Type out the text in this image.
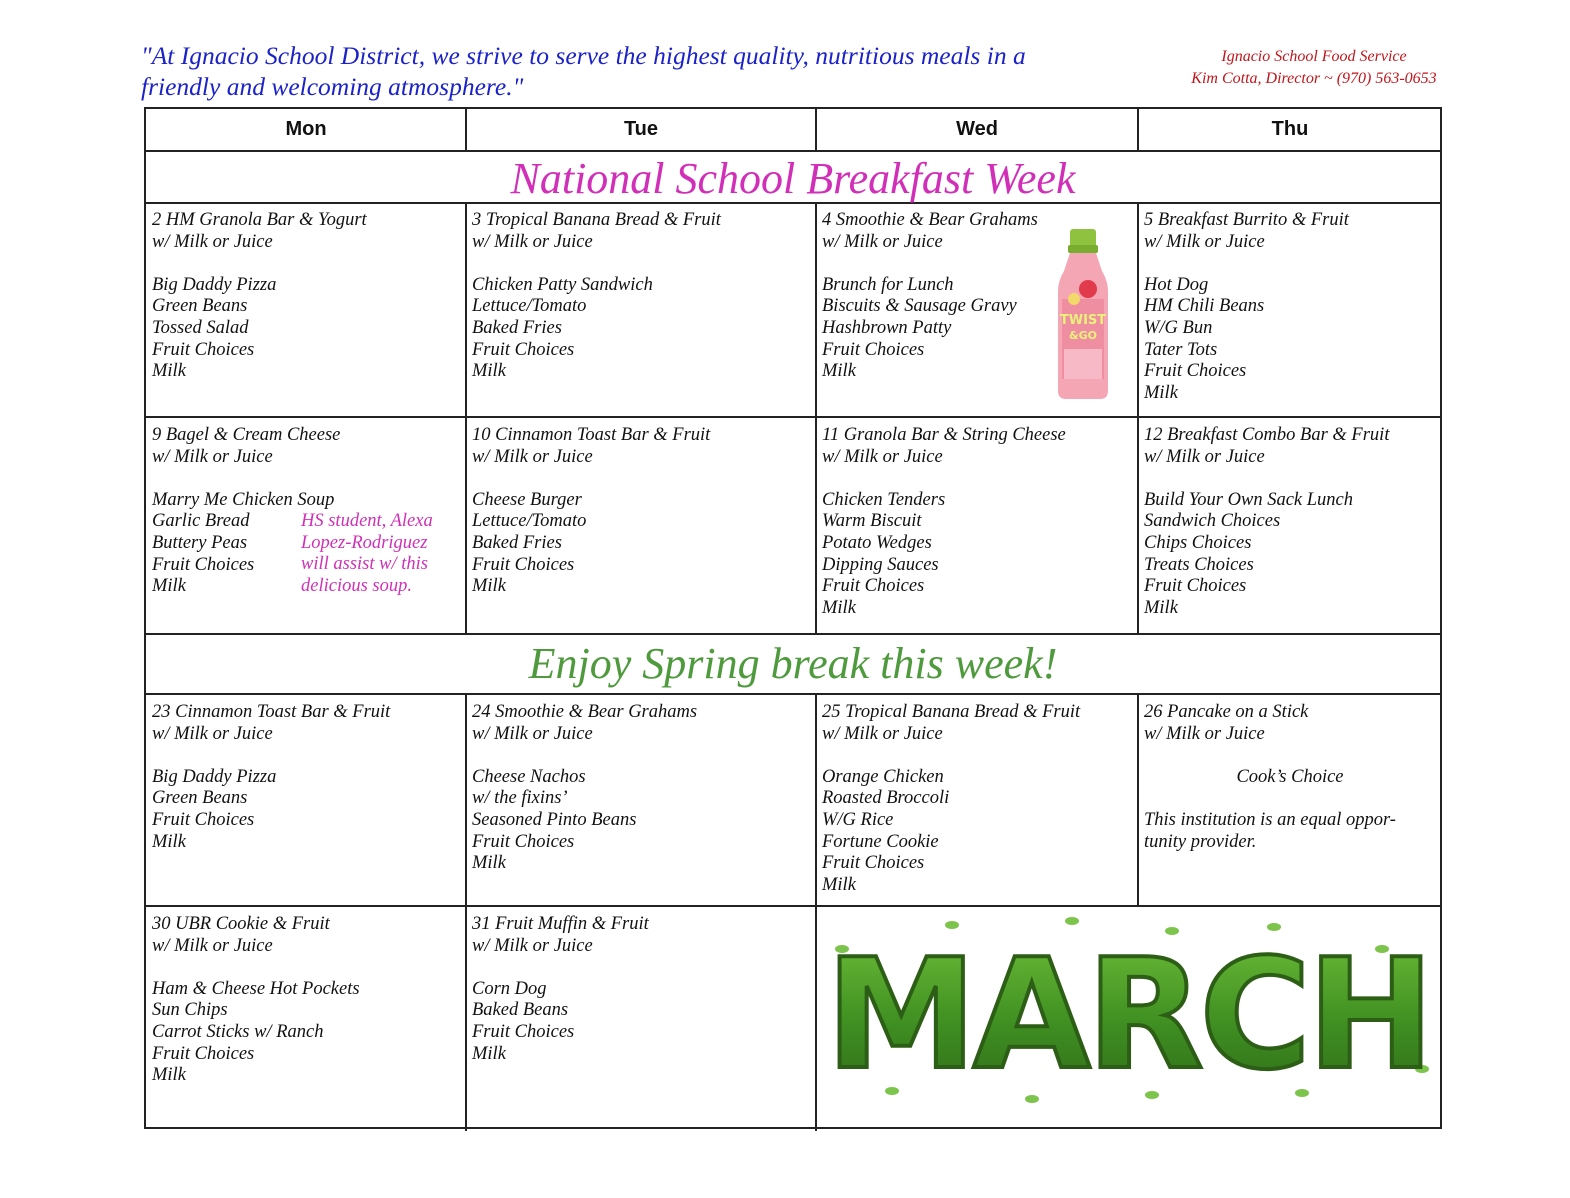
"At Ignacio School District, we strive to serve the highest quality, nutritious meals in a
friendly and welcoming atmosphere."
Ignacio School Food Service
Kim Cotta, Director ~ (970) 563-0653
Mon	Tue	Wed	Thu
National School Breakfast Week
Enjoy Spring break this week!
2 HM Granola Bar & Yogurt
w/ Milk or Juice
Big Daddy Pizza
Green Beans
Tossed Salad
Fruit Choices
Milk
3 Tropical Banana Bread & Fruit
w/ Milk or Juice
Chicken Patty Sandwich
Lettuce/Tomato
Baked Fries
Fruit Choices
Milk
4 Smoothie & Bear Grahams
w/ Milk or Juice
Brunch for Lunch
Biscuits & Sausage Gravy
Hashbrown Patty
Fruit Choices
Milk
5 Breakfast Burrito & Fruit
w/ Milk or Juice
Hot Dog
HM Chili Beans
W/G Bun
Tater Tots
Fruit Choices
Milk
TWIST
&GO
9 Bagel & Cream Cheese
w/ Milk or Juice
Marry Me Chicken Soup
Garlic Bread
Buttery Peas
Fruit Choices
Milk
HS student, Alexa
Lopez-Rodriguez
will assist w/ this
delicious soup.
10 Cinnamon Toast Bar & Fruit
w/ Milk or Juice
Cheese Burger
Lettuce/Tomato
Baked Fries
Fruit Choices
Milk
11 Granola Bar & String Cheese
w/ Milk or Juice
Chicken Tenders
Warm Biscuit
Potato Wedges
Dipping Sauces
Fruit Choices
Milk
12 Breakfast Combo Bar & Fruit
w/ Milk or Juice
Build Your Own Sack Lunch
Sandwich Choices
Chips Choices
Treats Choices
Fruit Choices
Milk
23 Cinnamon Toast Bar & Fruit
w/ Milk or Juice
Big Daddy Pizza
Green Beans
Fruit Choices
Milk
24 Smoothie & Bear Grahams
w/ Milk or Juice
Cheese Nachos
w/ the fixins’
Seasoned Pinto Beans
Fruit Choices
Milk
25 Tropical Banana Bread & Fruit
w/ Milk or Juice
Orange Chicken
Roasted Broccoli
W/G Rice
Fortune Cookie
Fruit Choices
Milk
26 Pancake on a Stick
w/ Milk or Juice
Cook’s Choice
This institution is an equal oppor-
tunity provider.
30 UBR Cookie & Fruit
w/ Milk or Juice
Ham & Cheese Hot Pockets
Sun Chips
Carrot Sticks w/ Ranch
Fruit Choices
Milk
31 Fruit Muffin & Fruit
w/ Milk or Juice
Corn Dog
Baked Beans
Fruit Choices
Milk	MARCH
